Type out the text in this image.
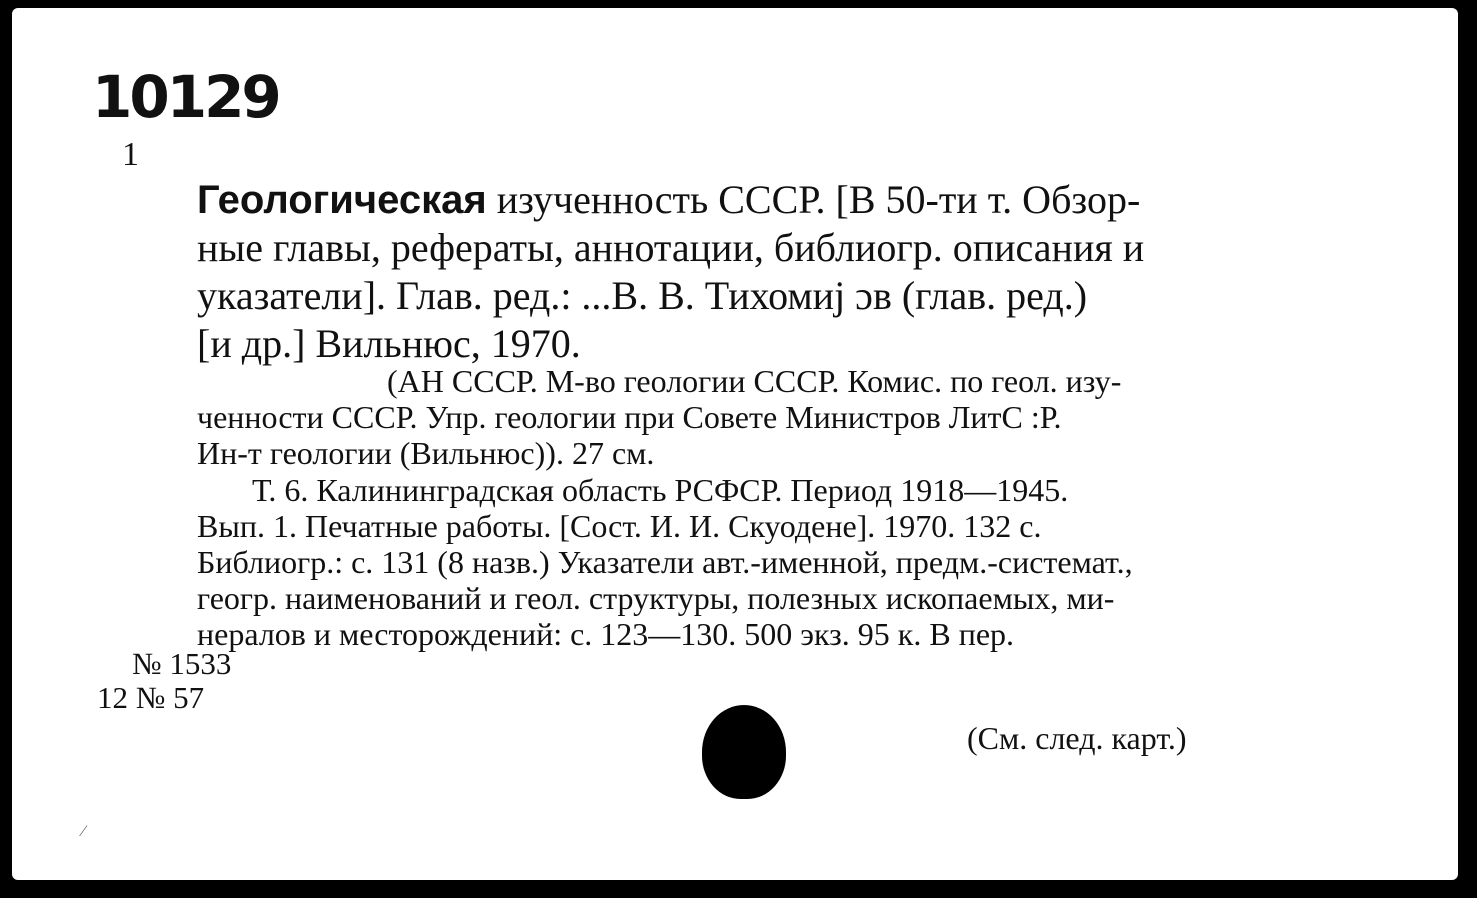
10129
1
Геологическая изученность СССР. [В 50-ти т. Обзор-
ные главы, рефераты, аннотации, библиогр. описания и
указатели]. Глав. ред.: ...В. В. Тихомиј ɔв (глав. ред.)
[и др.] Вильнюс, 1970.
(АН СССР. М-во геологии СССР. Комис. по геол. изу-
ченности СССР. Упр. геологии при Совете Министров ЛитС :Р.
Ин-т геологии (Вильнюс)). 27 см.
Т. 6. Калининградская область РСФСР. Период 1918—1945.
Вып. 1. Печатные работы. [Сост. И. И. Скуодене]. 1970. 132 с.
Библиогр.: с. 131 (8 назв.) Указатели авт.-именной, предм.-системат.,
геогр. наименований и геол. структуры, полезных ископаемых, ми-
нералов и месторождений: с. 123—130. 500 экз. 95 к. В пер.
№ 1533
12 № 57
(См. след. карт.)
∕
